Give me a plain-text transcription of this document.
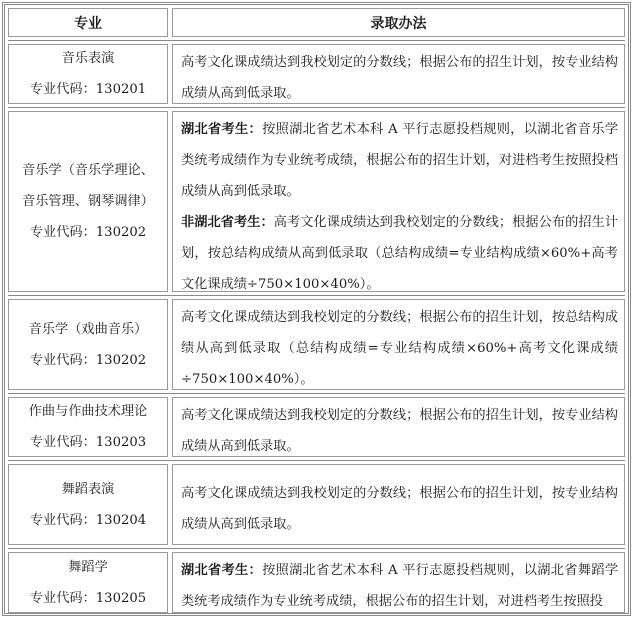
专业	录取办法
音乐表演
专业代码：130201
高考文化课成绩达到我校划定的分数线；根据公布的招生计划，按专业结构成绩从高到低录取。
音乐学（音乐学理论、
音乐管理、钢琴调律）
专业代码：130202

湖北省考生：按照湖北省艺术本科 A 平行志愿投档规则，以湖北省音乐学类统考成绩作为专业统考成绩，根据公布的招生计划，对进档考生按照投档成绩从高到低录取。

非湖北省考生：高考文化课成绩达到我校划定的分数线；根据公布的招生计划，按总结构成绩从高到低录取（总结构成绩=专业结构成绩×60%+高考文化课成绩÷750×100×40%）。

音乐学（戏曲音乐）
专业代码：130202
高考文化课成绩达到我校划定的分数线；根据公布的招生计划，按总结构成绩从高到低录取（总结构成绩=专业结构成绩×60%+高考文化课成绩÷750×100×40%）。
作曲与作曲技术理论
专业代码：130203
高考文化课成绩达到我校划定的分数线；根据公布的招生计划，按专业结构成绩从高到低录取。
舞蹈表演
专业代码：130204
高考文化课成绩达到我校划定的分数线；根据公布的招生计划，按专业结构成绩从高到低录取。
舞蹈学
专业代码：130205

湖北省考生：按照湖北省艺术本科 A 平行志愿投档规则，以湖北省舞蹈学类统考成绩作为专业统考成绩，根据公布的招生计划，对进档考生按照投
